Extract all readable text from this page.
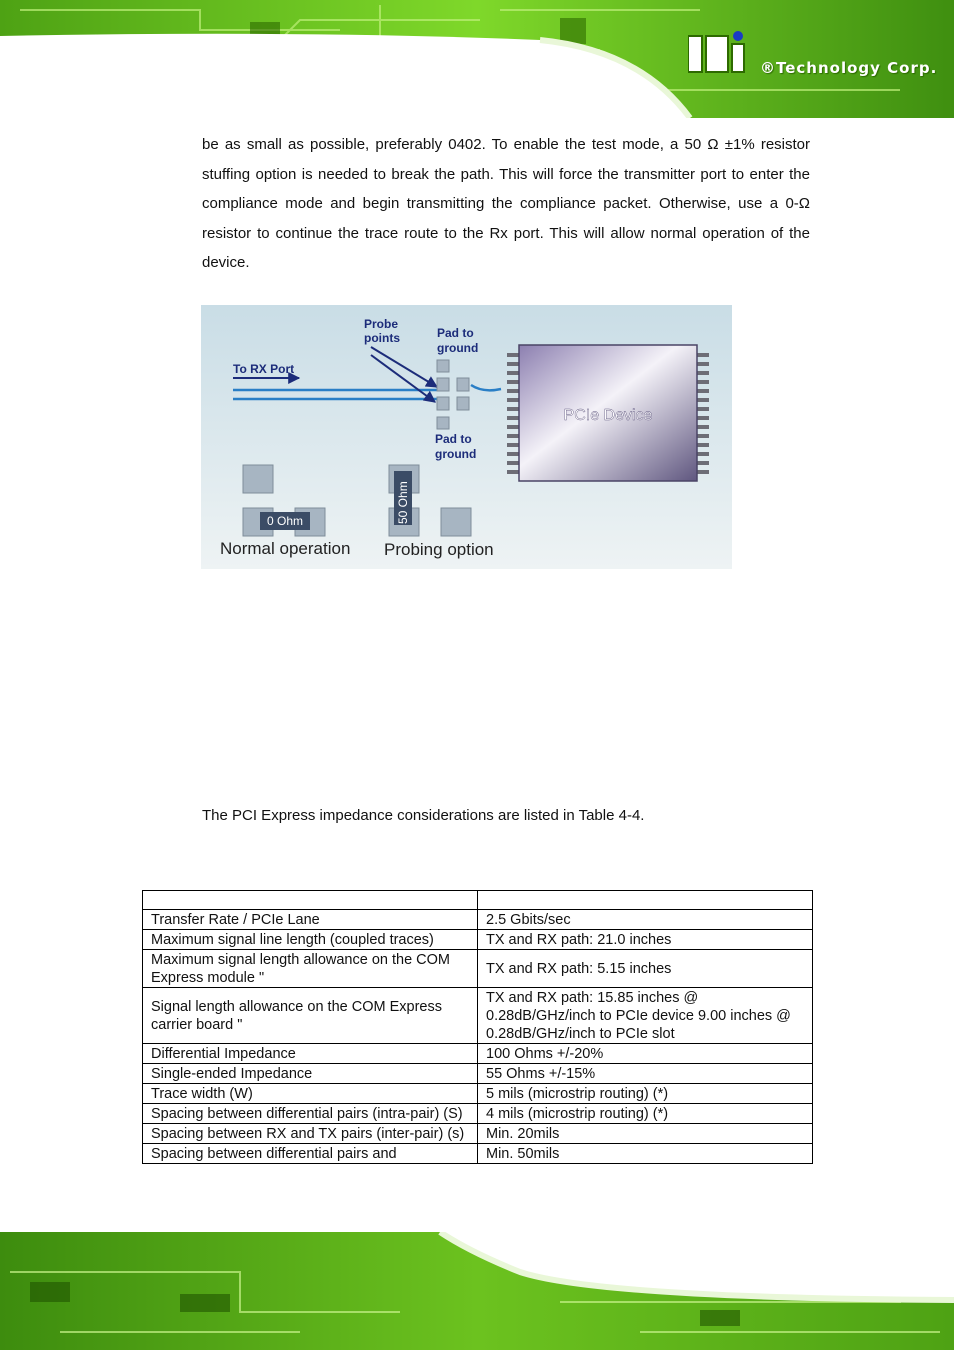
®Technology Corp.

be as small as possible, preferably 0402. To enable the test mode, a 50 Ω ±1% resistor stuffing option is needed to break the path. This will force the transmitter port to enter the compliance mode and begin transmitting the compliance packet. Otherwise, use a 0-Ω resistor to continue the trace route to the Rx port. This will allow normal operation of the device.

To RX Port
Probe
points	Pad to
ground
Pad to
ground
PCIe Device
0 Ohm	50 Ohm
Normal operation Probing option

The PCI Express impedance considerations are listed in Table 4-4.

Transfer Rate / PCIe Lane	2.5 Gbits/sec
Maximum signal line length (coupled traces)	TX and RX path: 21.0 inches
Maximum signal length allowance on the COM Express module "	TX and RX path: 5.15 inches
Signal length allowance on the COM Express carrier board "	TX and RX path: 15.85 inches @ 0.28dB/GHz/inch to PCIe device 9.00 inches @ 0.28dB/GHz/inch to PCIe slot
Differential Impedance	100 Ohms +/-20%
Single-ended Impedance	55 Ohms +/-15%
Trace width (W)	5 mils (microstrip routing) (*)
Spacing between differential pairs (intra-pair) (S)	4 mils (microstrip routing) (*)
Spacing between RX and TX pairs (inter-pair) (s)	Min. 20mils
Spacing between differential pairs and	Min. 50mils
